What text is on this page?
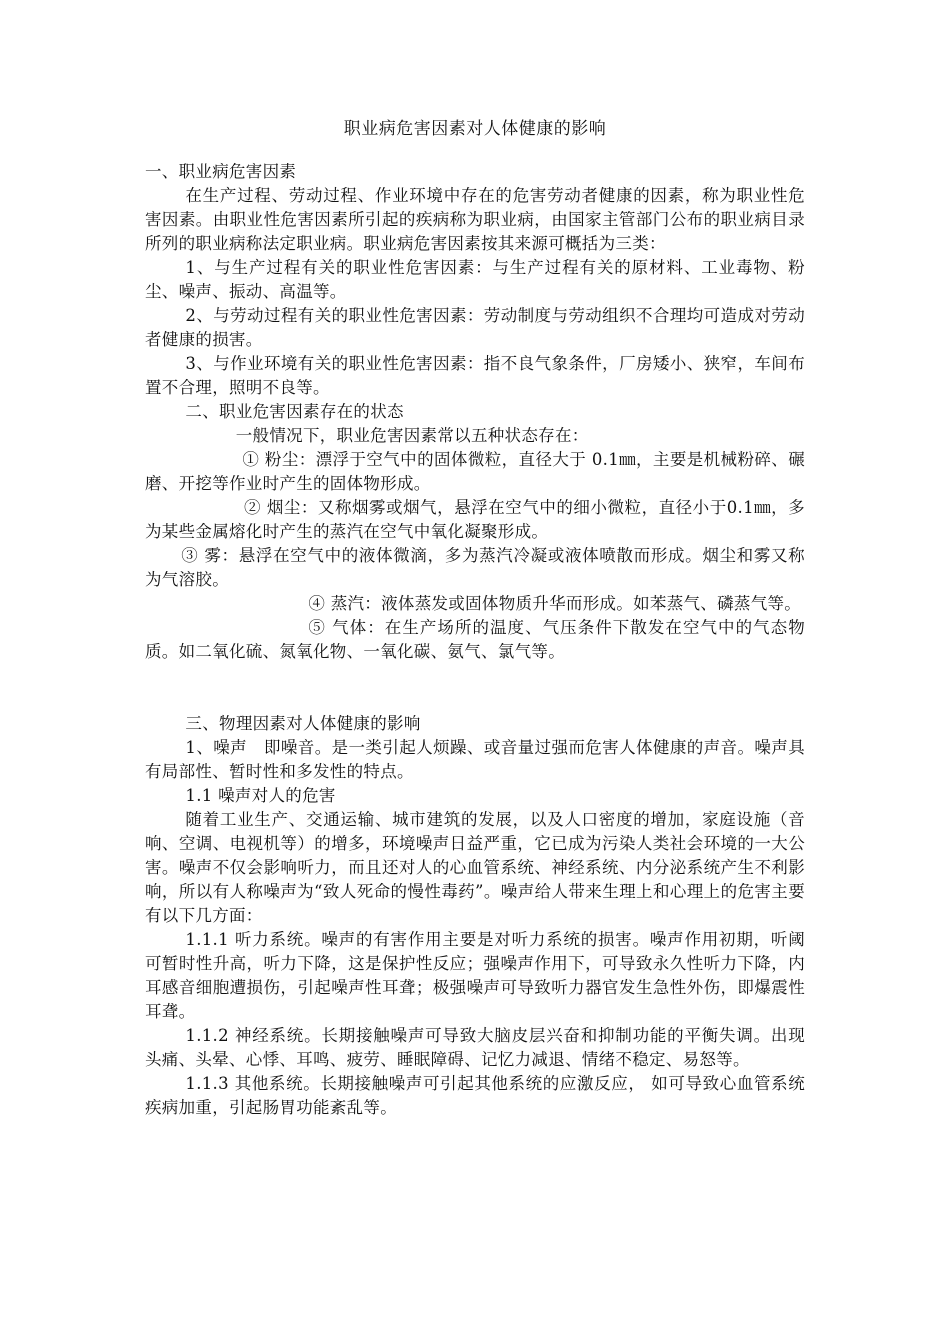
职业病危害因素对人体健康的影响

一、职业病危害因素

在生产过程、劳动过程、作业环境中存在的危害劳动者健康的因素，称为职业性危害因素。由职业性危害因素所引起的疾病称为职业病，由国家主管部门公布的职业病目录所列的职业病称法定职业病。职业病危害因素按其来源可概括为三类：

1、与生产过程有关的职业性危害因素：与生产过程有关的原材料、工业毒物、粉尘、噪声、振动、高温等。

2、与劳动过程有关的职业性危害因素：劳动制度与劳动组织不合理均可造成对劳动者健康的损害。

3、与作业环境有关的职业性危害因素：指不良气象条件，厂房矮小、狭窄，车间布置不合理，照明不良等。

二、职业危害因素存在的状态

一般情况下，职业危害因素常以五种状态存在：

① 粉尘：漂浮于空气中的固体微粒，直径大于 0.1㎜，主要是机械粉碎、碾磨、开挖等作业时产生的固体物形成。

② 烟尘：又称烟雾或烟气，悬浮在空气中的细小微粒，直径小于0.1㎜，多为某些金属熔化时产生的蒸汽在空气中氧化凝聚形成。

③ 雾：悬浮在空气中的液体微滴，多为蒸汽冷凝或液体喷散而形成。烟尘和雾又称为气溶胶。

④ 蒸汽：液体蒸发或固体物质升华而形成。如苯蒸气、磷蒸气等。

⑤ 气体：在生产场所的温度、气压条件下散发在空气中的气态物质。如二氧化硫、氮氧化物、一氧化碳、氨气、氯气等。

三、物理因素对人体健康的影响

1、噪声　即噪音。是一类引起人烦躁、或音量过强而危害人体健康的声音。噪声具有局部性、暂时性和多发性的特点。

1.1 噪声对人的危害

随着工业生产、交通运输、城市建筑的发展，以及人口密度的增加，家庭设施（音响、空调、电视机等）的增多，环境噪声日益严重，它已成为污染人类社会环境的一大公害。噪声不仅会影响听力，而且还对人的心血管系统、神经系统、内分泌系统产生不利影响，所以有人称噪声为“致人死命的慢性毒药”。噪声给人带来生理上和心理上的危害主要有以下几方面：

1.1.1 听力系统。噪声的有害作用主要是对听力系统的损害。噪声作用初期，听阈可暂时性升高，听力下降，这是保护性反应；强噪声作用下，可导致永久性听力下降，内耳感音细胞遭损伤，引起噪声性耳聋；极强噪声可导致听力器官发生急性外伤，即爆震性耳聋。

1.1.2 神经系统。长期接触噪声可导致大脑皮层兴奋和抑制功能的平衡失调。出现头痛、头晕、心悸、耳鸣、疲劳、睡眠障碍、记忆力减退、情绪不稳定、易怒等。

1.1.3 其他系统。长期接触噪声可引起其他系统的应激反应， 如可导致心血管系统疾病加重，引起肠胃功能紊乱等。
